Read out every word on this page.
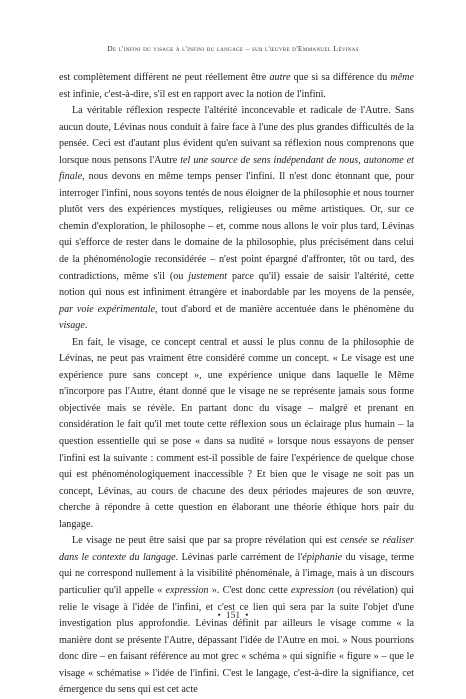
De l'infini du visage à l'infini du langage – sur l'œuvre d'Emmanuel Lévinas

est complètement différent ne peut réellement être autre que si sa différence du même est infinie, c'est-à-dire, s'il est en rapport avec la notion de l'infini.

La véritable réflexion respecte l'altérité inconcevable et radicale de l'Autre. Sans aucun doute, Lévinas nous conduit à faire face à l'une des plus grandes difficultés de la pensée. Ceci est d'autant plus évident qu'en suivant sa réflexion nous comprenons que lorsque nous pensons l'Autre tel une source de sens indépendant de nous, autonome et finale, nous devons en même temps penser l'infini. Il n'est donc étonnant que, pour interroger l'infini, nous soyons tentés de nous éloigner de la philosophie et nous tourner plutôt vers des expériences mystiques, religieuses ou même artistiques. Or, sur ce chemin d'exploration, le philosophe – et, comme nous allons le voir plus tard, Lévinas qui s'efforce de rester dans le domaine de la philosophie, plus précisément dans celui de la phénoménologie reconsidérée – n'est point épargné d'affronter, tôt ou tard, des contradictions, même s'il (ou justement parce qu'il) essaie de saisir l'altérité, cette notion qui nous est infiniment étrangère et inabordable par les moyens de la pensée, par voie expérimentale, tout d'abord et de manière accentuée dans le phénomène du visage.

En fait, le visage, ce concept central et aussi le plus connu de la philosophie de Lévinas, ne peut pas vraiment être considéré comme un concept. « Le visage est une expérience pure sans concept », une expérience unique dans laquelle le Même n'incorpore pas l'Autre, étant donné que le visage ne se représente jamais sous forme objectivée mais se révèle. En partant donc du visage – malgré et prenant en considération le fait qu'il met toute cette réflexion sous un éclairage plus humain – la question essentielle qui se pose « dans sa nudité » lorsque nous essayons de penser l'infini est la suivante : comment est-il possible de faire l'expérience de quelque chose qui est phénoménologiquement inaccessible ? Et bien que le visage ne soit pas un concept, Lévinas, au cours de chacune des deux périodes majeures de son œuvre, cherche à répondre à cette question en élaborant une théorie éthique hors pair du langage.

Le visage ne peut être saisi que par sa propre révélation qui est censée se réaliser dans le contexte du langage. Lévinas parle carrément de l'épiphanie du visage, terme qui ne correspond nullement à la visibilité phénoménale, à l'image, mais à un discours particulier qu'il appelle « expression ». C'est donc cette expression (ou révélation) qui relie le visage à l'idée de l'infini, et c'est ce lien qui sera par la suite l'objet d'une investigation plus approfondie. Lévinas définit par ailleurs le visage comme « la manière dont se présente l'Autre, dépassant l'idée de l'Autre en moi. » Nous pourrions donc dire – en faisant référence au mot grec « schéma » qui signifie « figure » – que le visage « schématise » l'idée de l'infini. C'est le langage, c'est-à-dire la signifiance, cet émergence du sens qui est cet acte

• 151 •
